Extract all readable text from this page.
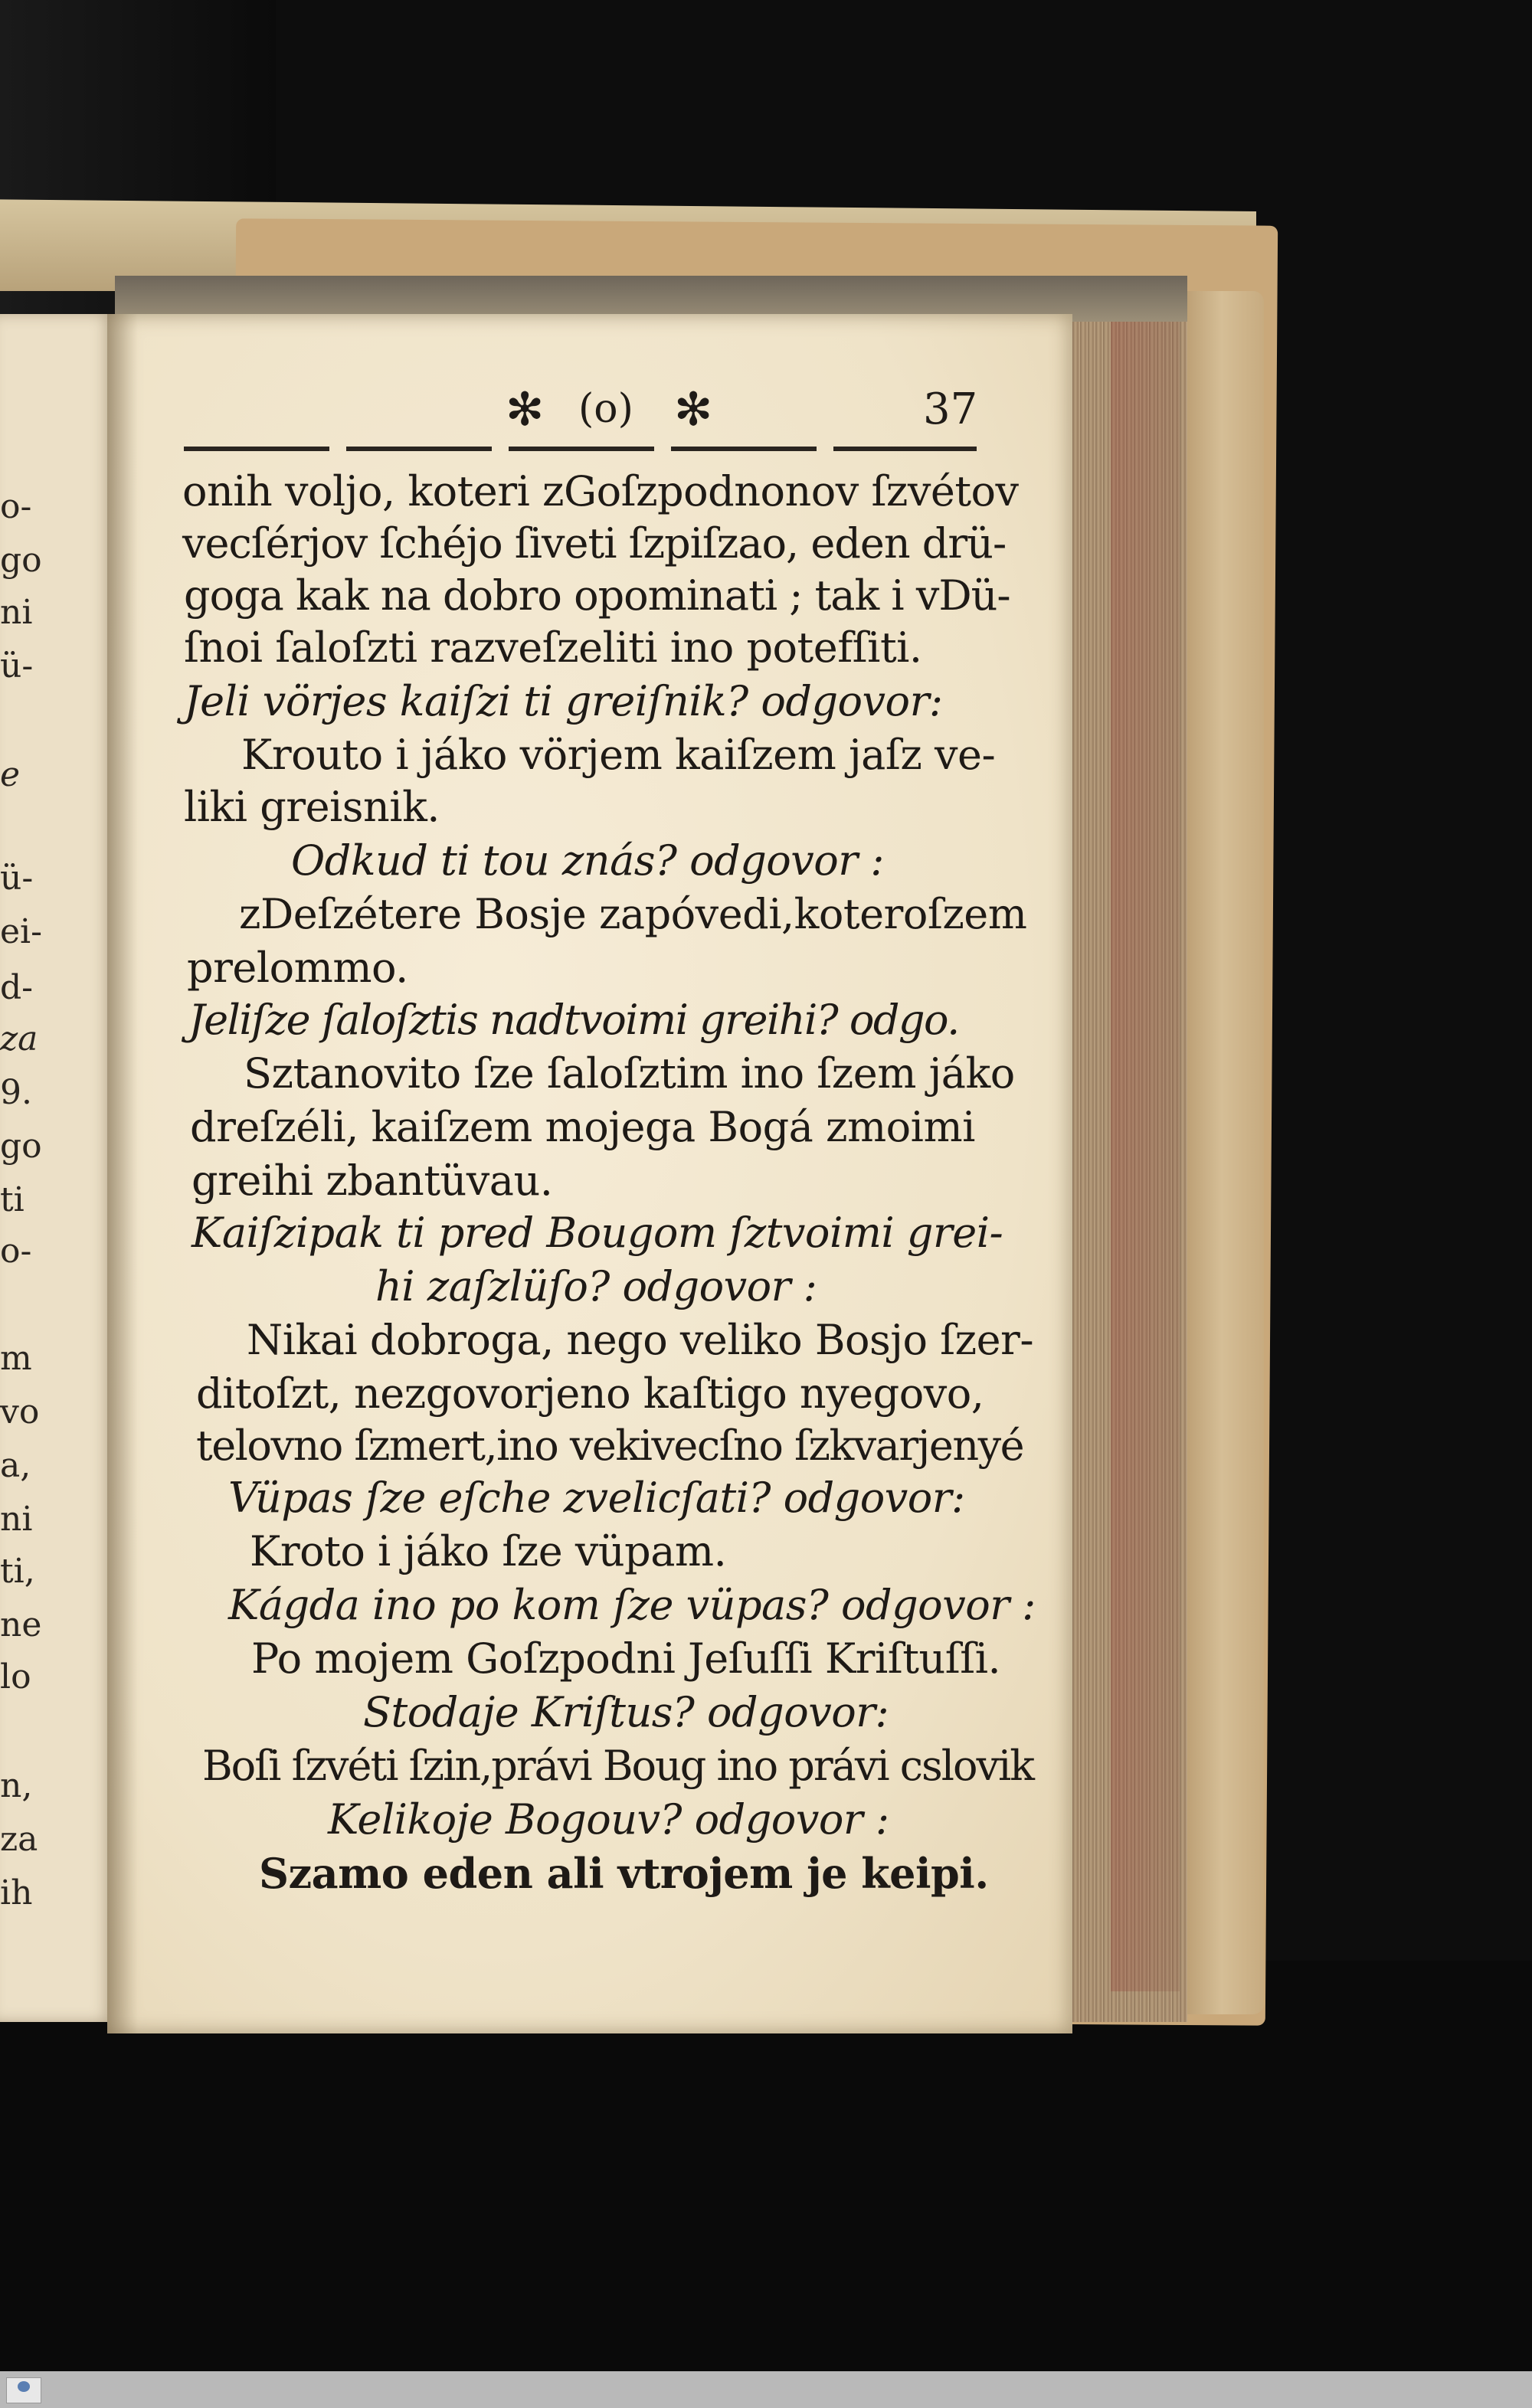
o-
go
ni
ü-
e
ü-
ei-
d-
za
9.
go
ti
o-
m
vo
a,
ni
ti,
ne
lo
n,
za
ih
✻ (o) ✻	37
onih voljo, koteri zGoſzpodnonov ſzvétov
vecſérjov ſchéjo ſiveti ſzpiſzao, eden drü-
goga kak na dobro opominati ; tak i vDü-
ſnoi ſaloſzti razveſzeliti ino potefſiti.
Jeli vörjes kaiſzi ti greiſnik? odgovor:
Krouto i jáko vörjem kaiſzem jaſz ve-
liki greisnik.
Odkud ti tou znás? odgovor :
zDeſzétere Bosje zapóvedi,koteroſzem
prelommo.
Jeliſze ſaloſztis nadtvoimi greihi? odgo.
Sztanovito ſze ſaloſztim ino ſzem jáko
dreſzéli, kaiſzem mojega Bogá zmoimi
greihi zbantüvau.
Kaiſzipak ti pred Bougom ſztvoimi grei-
hi zaſzlüſo? odgovor :
Nikai dobroga, nego veliko Bosjo ſzer-
ditoſzt, nezgovorjeno kaſtigo nyegovo,
telovno ſzmert,ino vekivecſno ſzkvarjenyé
Vüpas ſze eſche zvelicſati? odgovor:
Kroto i jáko ſze vüpam.
Kágda ino po kom ſze vüpas? odgovor :
Po mojem Goſzpodni Jeſuſſi Kriſtuſſi.
Stodaje Kriſtus? odgovor:
Boſi ſzvéti ſzin,právi Boug ino právi cslovik
Kelikoje Bogouv? odgovor :
Szamo eden ali vtrojem je keipi.
